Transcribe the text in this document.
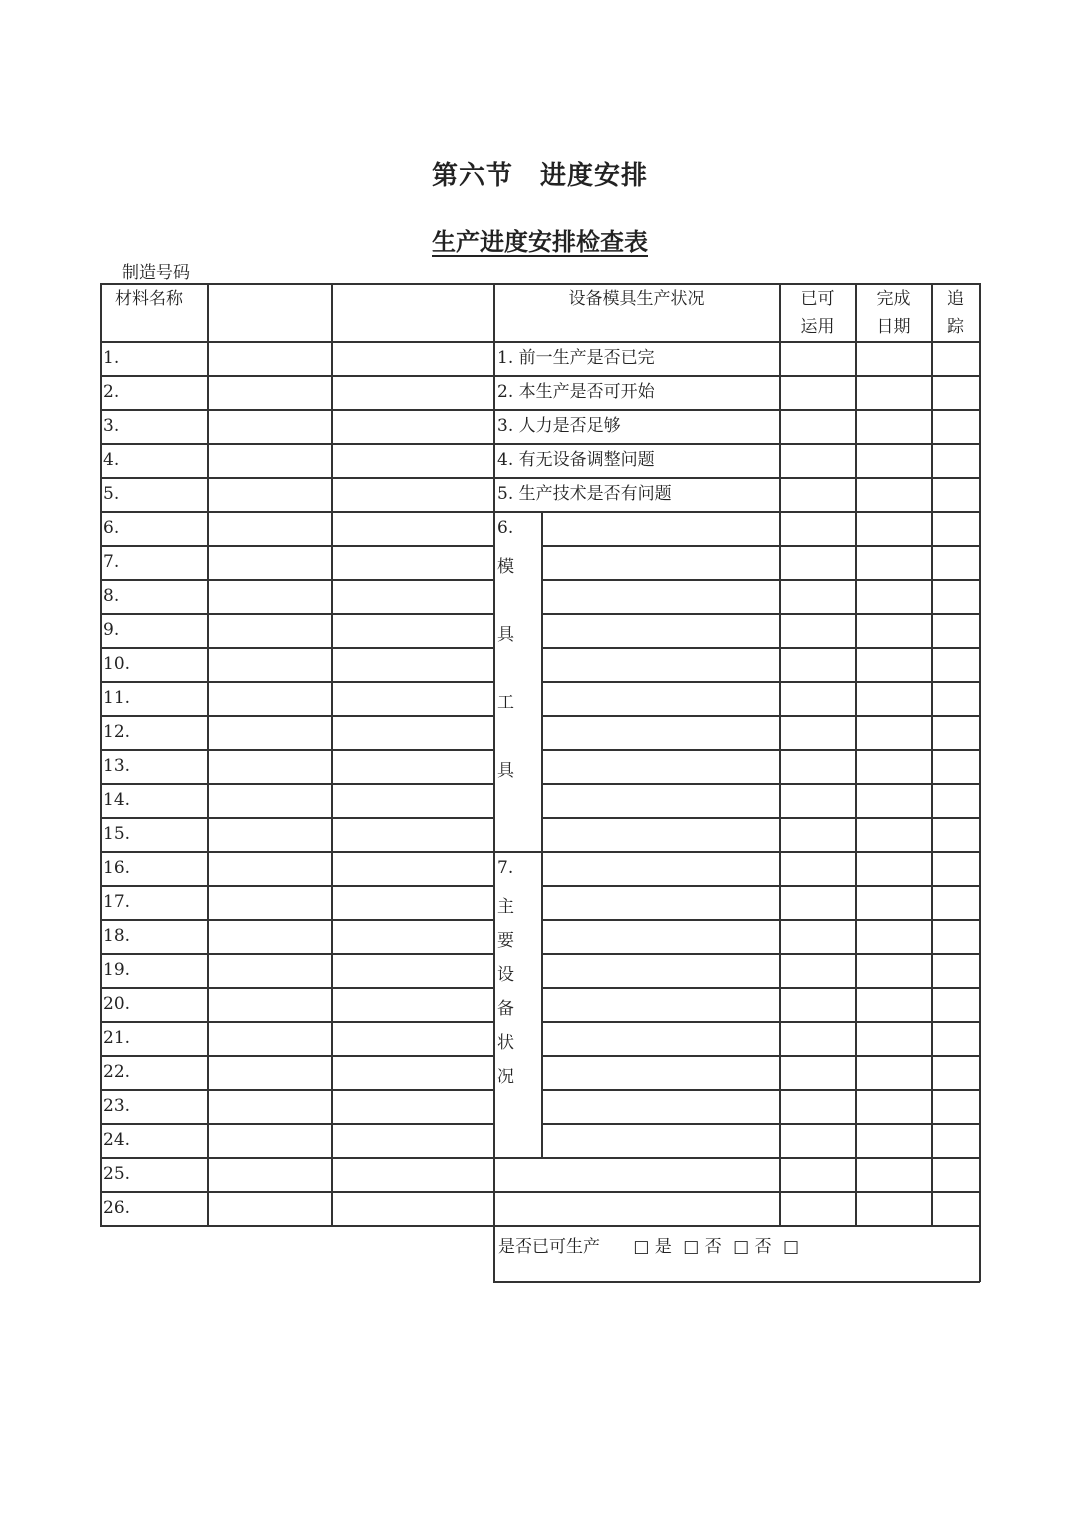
第六节　进度安排
生产进度安排检查表
制造号码
材料名称	设备模具生产状况	已可
运用
完成
日期
追
踪
1.
2.
3.
4.
5.
6.
7.
8.
9.
10.
11.
12.
13.
14.
15.
16.
17.
18.
19.
20.
21.
22.
23.
24.
25.
26.
1. 前一生产是否已完
2. 本生产是否可开始
3. 人力是否足够
4. 有无设备调整问题
5. 生产技术是否有问题
6.
模
具
工
具
7.
主
要
设
备
状
况
是否已可生产 □ 是 □ 否 □ 否 □
